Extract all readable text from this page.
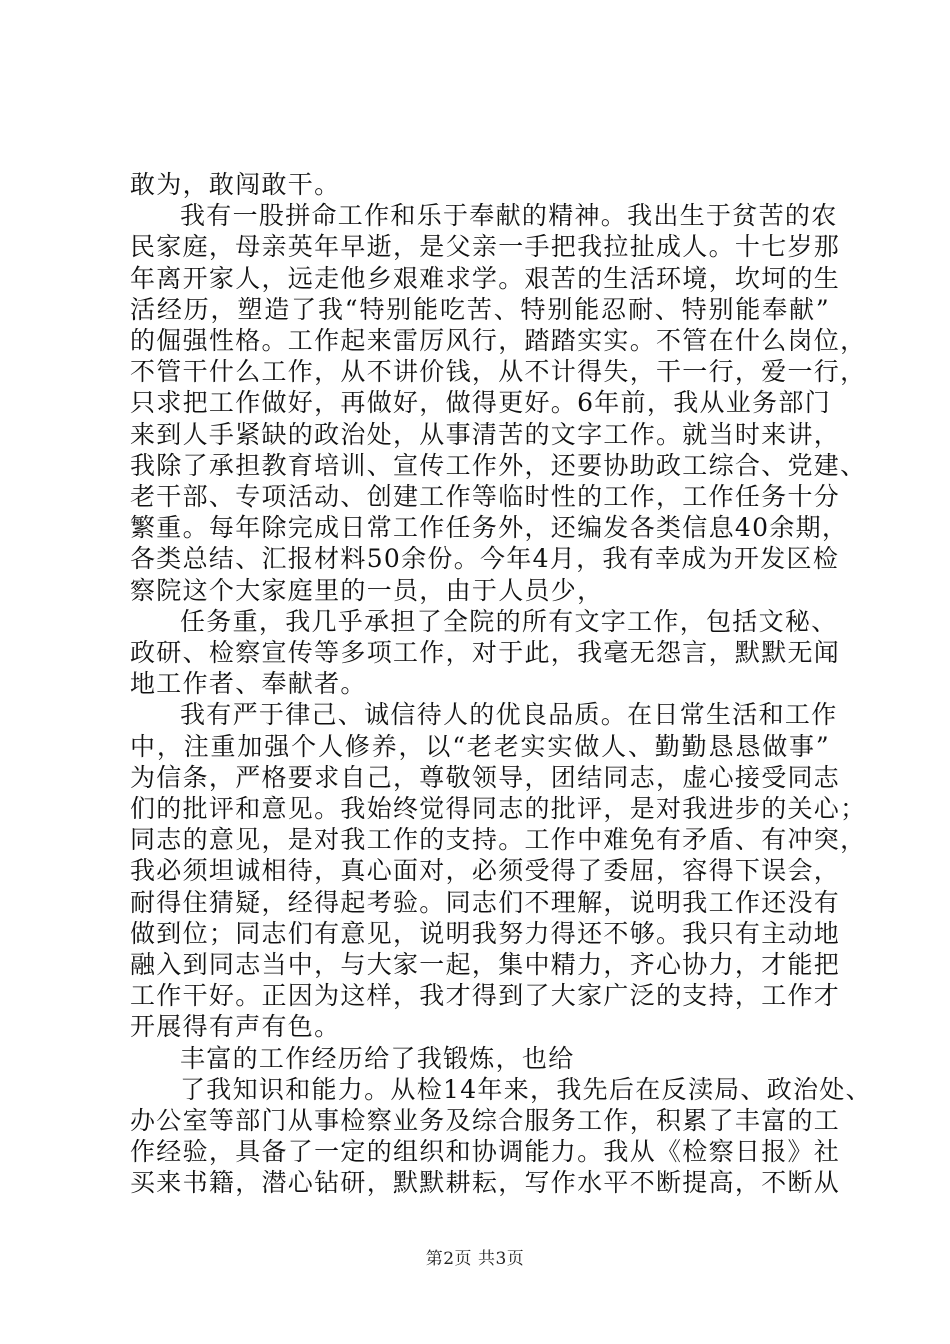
敢为，敢闯敢干。
我有一股拼命工作和乐于奉献的精神。我出生于贫苦的农
民家庭，母亲英年早逝，是父亲一手把我拉扯成人。十七岁那
年离开家人，远走他乡艰难求学。艰苦的生活环境，坎坷的生
活经历，塑造了我“特别能吃苦、特别能忍耐、特别能奉献”
的倔强性格。工作起来雷厉风行，踏踏实实。不管在什么岗位，
不管干什么工作，从不讲价钱，从不计得失，干一行，爱一行，
只求把工作做好，再做好，做得更好。6年前，我从业务部门
来到人手紧缺的政治处，从事清苦的文字工作。就当时来讲，
我除了承担教育培训、宣传工作外，还要协助政工综合、党建、
老干部、专项活动、创建工作等临时性的工作，工作任务十分
繁重。每年除完成日常工作任务外，还编发各类信息40余期，
各类总结、汇报材料50余份。今年4月，我有幸成为开发区检
察院这个大家庭里的一员，由于人员少，
任务重，我几乎承担了全院的所有文字工作，包括文秘、
政研、检察宣传等多项工作，对于此，我毫无怨言，默默无闻
地工作者、奉献者。
我有严于律己、诚信待人的优良品质。在日常生活和工作
中，注重加强个人修养，以“老老实实做人、勤勤恳恳做事”
为信条，严格要求自己，尊敬领导，团结同志，虚心接受同志
们的批评和意见。我始终觉得同志的批评，是对我进步的关心；
同志的意见，是对我工作的支持。工作中难免有矛盾、有冲突，
我必须坦诚相待，真心面对，必须受得了委屈，容得下误会，
耐得住猜疑，经得起考验。同志们不理解，说明我工作还没有
做到位；同志们有意见，说明我努力得还不够。我只有主动地
融入到同志当中，与大家一起，集中精力，齐心协力，才能把
工作干好。正因为这样，我才得到了大家广泛的支持，工作才
开展得有声有色。
丰富的工作经历给了我锻炼，也给
了我知识和能力。从检14年来，我先后在反渎局、政治处、
办公室等部门从事检察业务及综合服务工作，积累了丰富的工
作经验，具备了一定的组织和协调能力。我从《检察日报》社
买来书籍，潜心钻研，默默耕耘，写作水平不断提高，不断从
第2页 共3页
